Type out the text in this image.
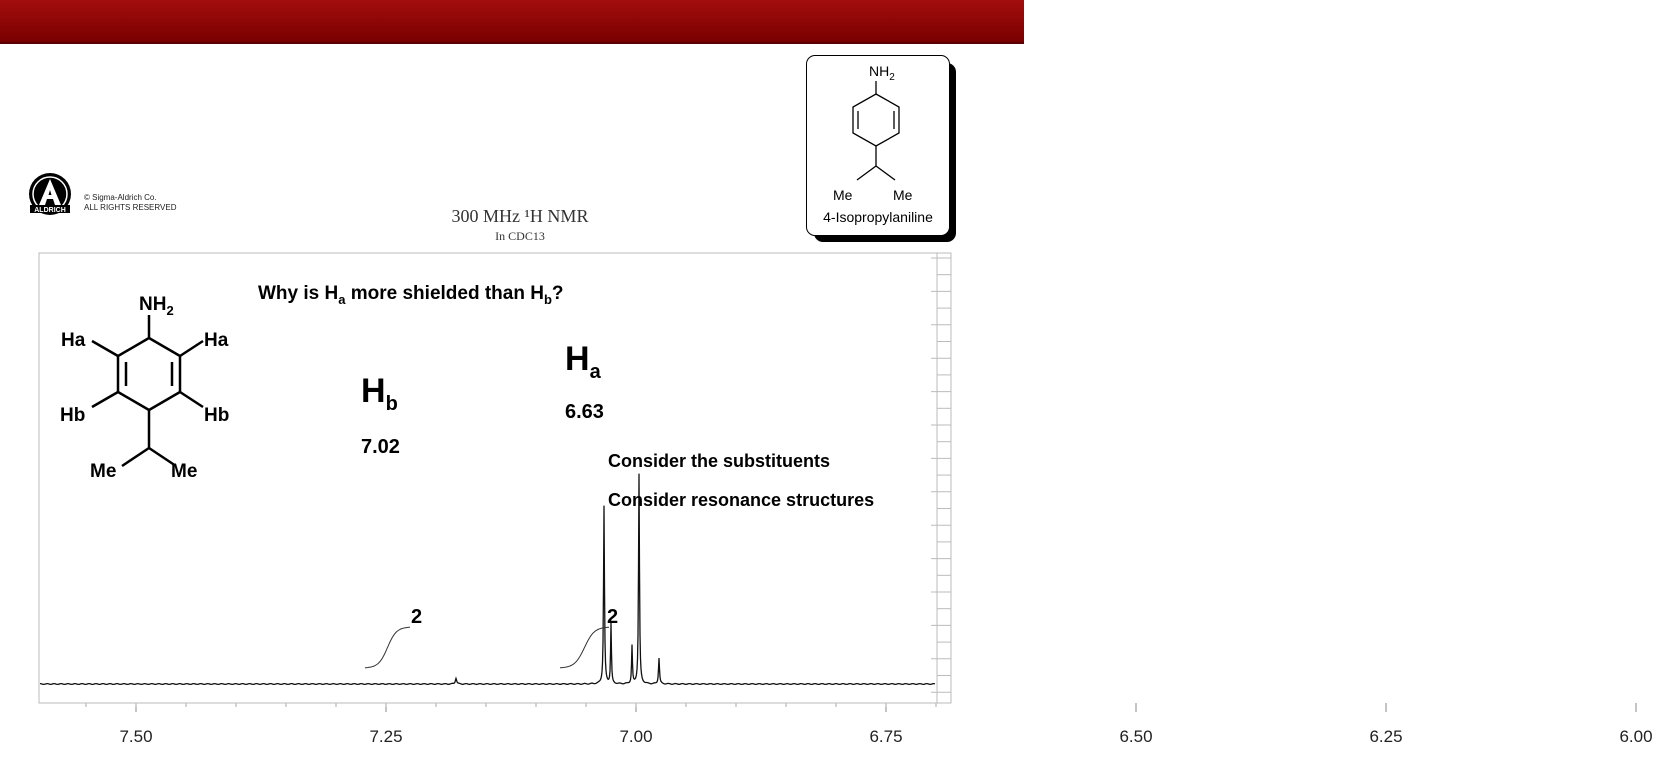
ALDRICH
© Sigma-Aldrich Co.
ALL RIGHTS RESERVED	300 MHz ¹H NMR
In CDC13
$NH_2$
Me	Me
4-Isopropylaniline
$NH_2$
Ha	Ha
Hb	Hb
Me	Me
Why is $H_a$ more shielded than $H_b$?
$H_b$
7.02
2
$H_a$
6.63
2
Consider the substituents
Consider resonance structures
7.50	7.25	7.00	6.75	6.50	6.25	6.00
